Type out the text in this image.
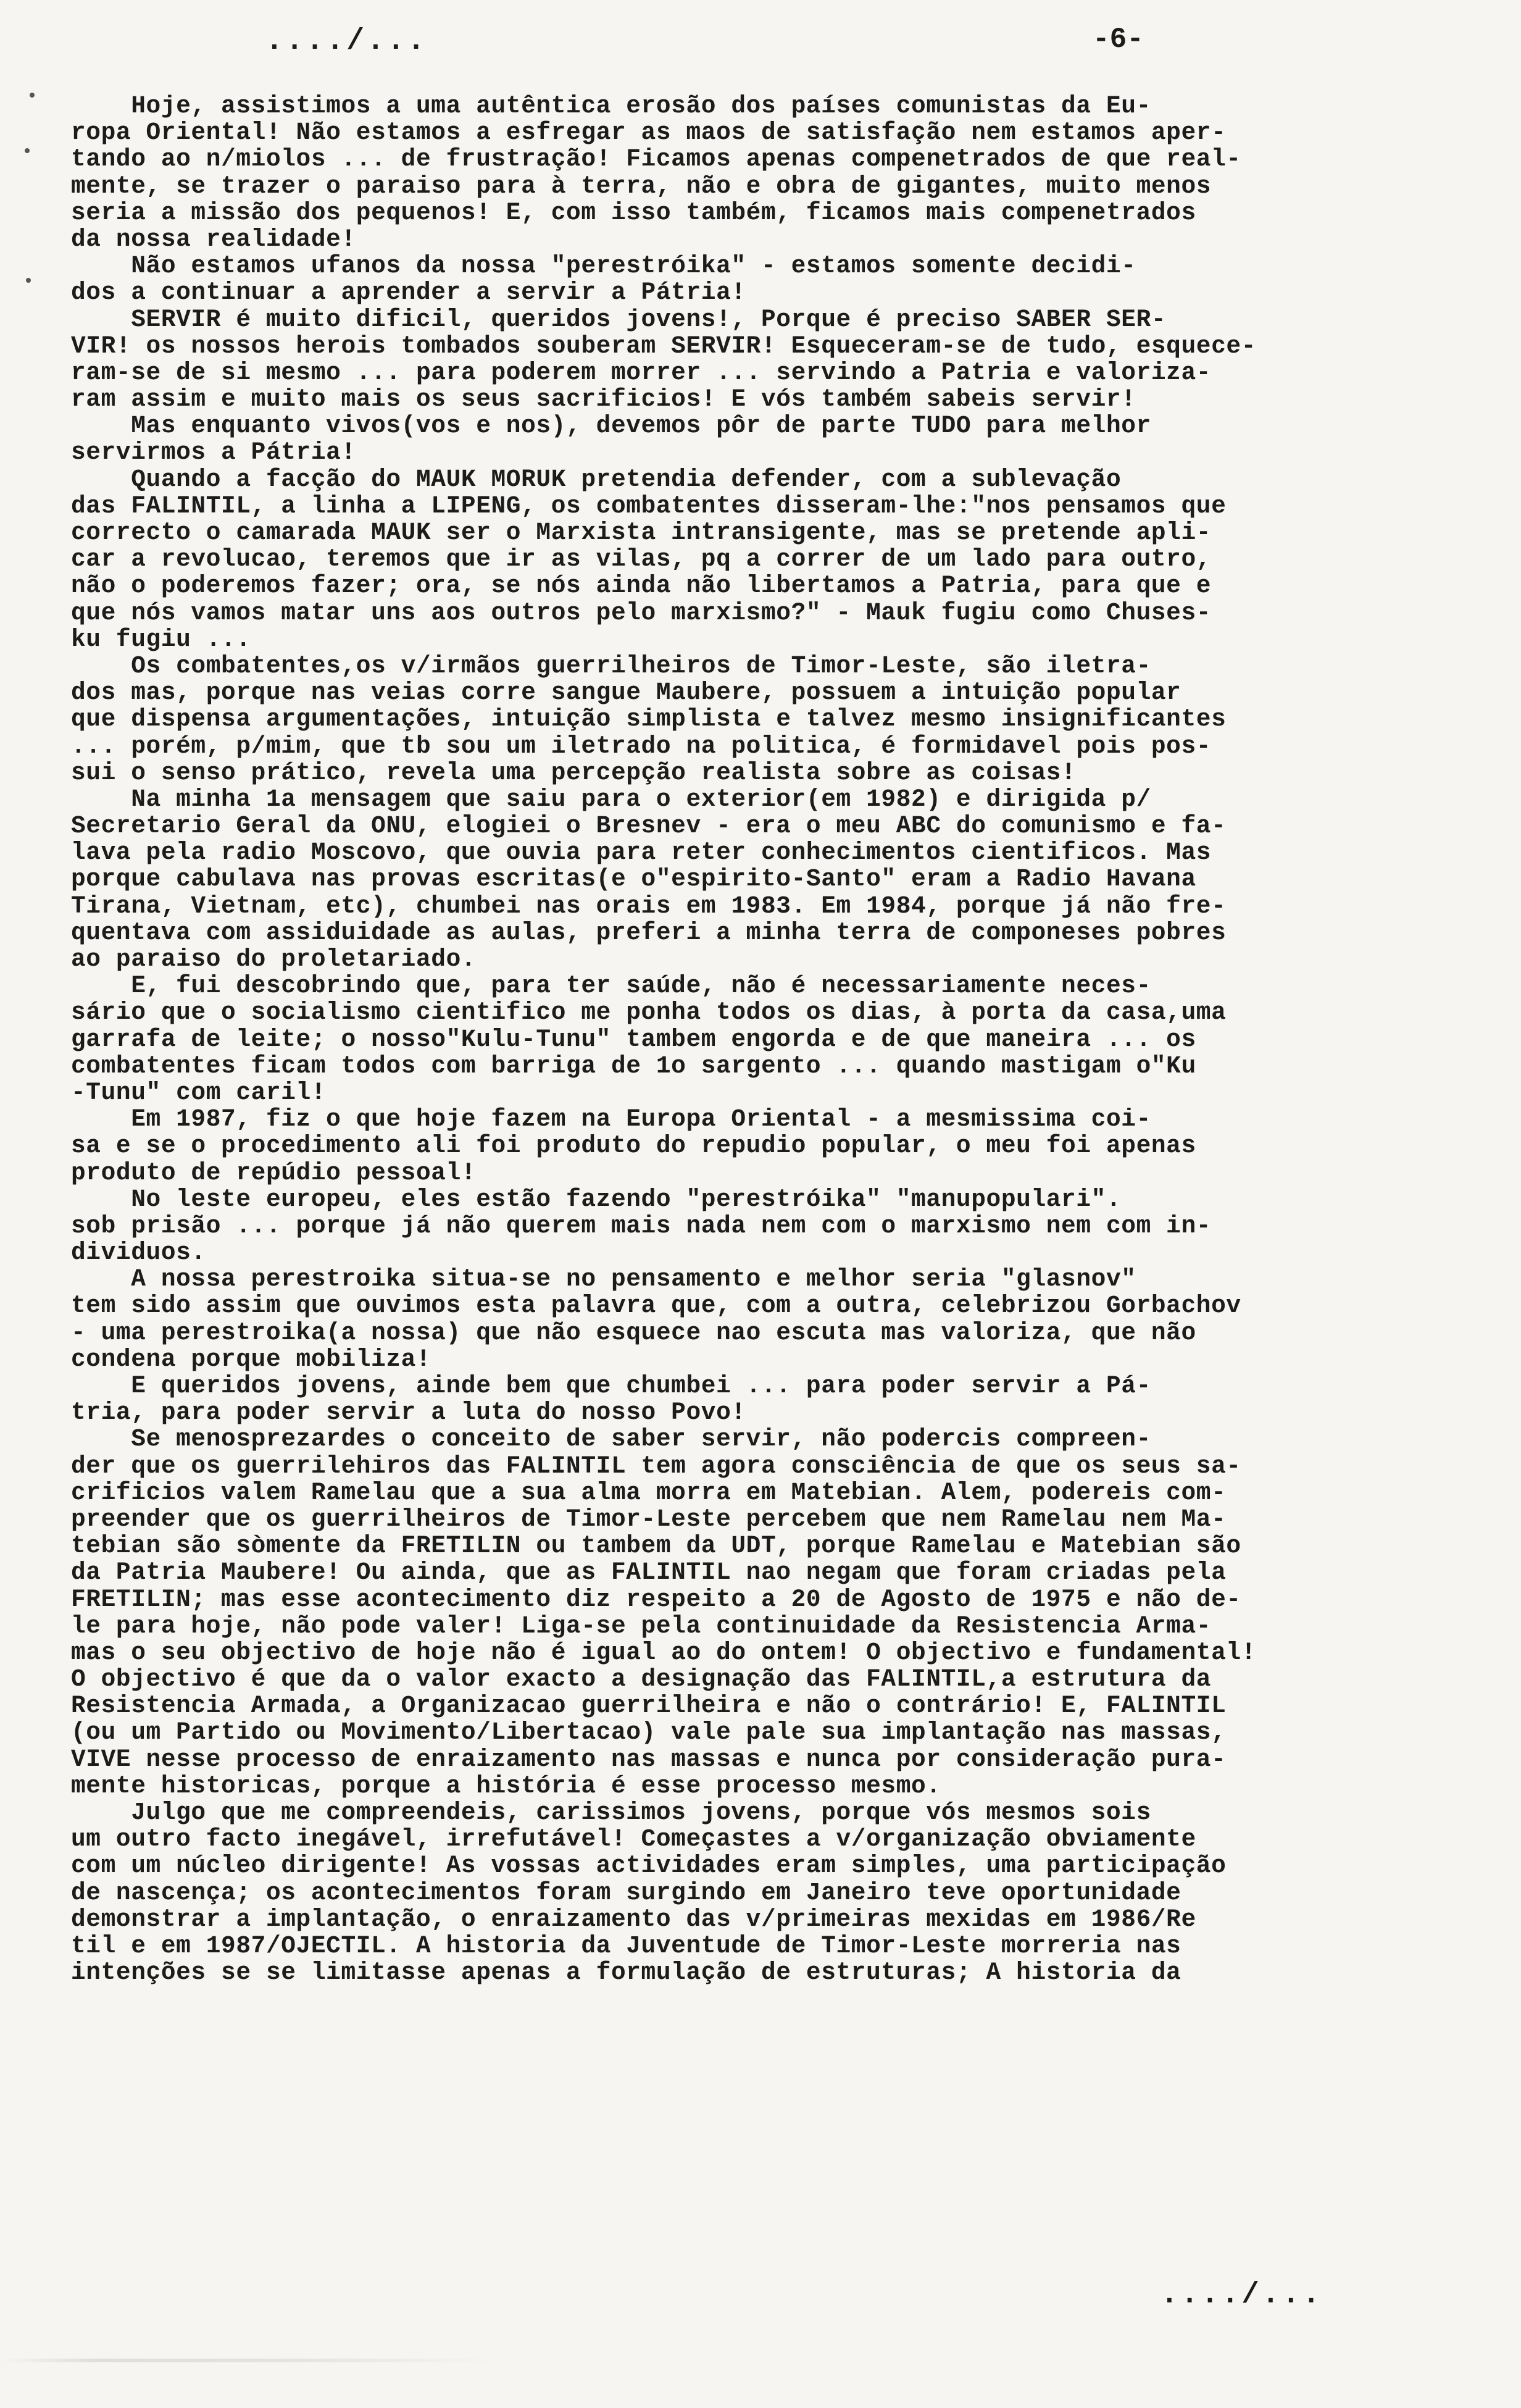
..../...	-6-
Hoje, assistimos a uma autêntica erosão dos países comunistas da Eu-
ropa Oriental! Não estamos a esfregar as maos de satisfação nem estamos aper-
tando ao n/miolos ... de frustração! Ficamos apenas compenetrados de que real-
mente, se trazer o paraiso para à terra, não e obra de gigantes, muito menos
seria a missão dos pequenos! E, com isso também, ficamos mais compenetrados
da nossa realidade!
Não estamos ufanos da nossa "perestróika" - estamos somente decidi-
dos a continuar a aprender a servir a Pátria!
SERVIR é muito dificil, queridos jovens!, Porque é preciso SABER SER-
VIR! os nossos herois tombados souberam SERVIR! Esqueceram-se de tudo, esquece-
ram-se de si mesmo ... para poderem morrer ... servindo a Patria e valoriza-
ram assim e muito mais os seus sacrificios! E vós também sabeis servir!
Mas enquanto vivos(vos e nos), devemos pôr de parte TUDO para melhor
servirmos a Pátria!
Quando a facção do MAUK MORUK pretendia defender, com a sublevação
das FALINTIL, a linha a LIPENG, os combatentes disseram-lhe:"nos pensamos que
correcto o camarada MAUK ser o Marxista intransigente, mas se pretende apli-
car a revolucao, teremos que ir as vilas, pq a correr de um lado para outro,
não o poderemos fazer; ora, se nós ainda não libertamos a Patria, para que e
que nós vamos matar uns aos outros pelo marxismo?" - Mauk fugiu como Chuses-
ku fugiu ...
Os combatentes,os v/irmãos guerrilheiros de Timor-Leste, são iletra-
dos mas, porque nas veias corre sangue Maubere, possuem a intuição popular
que dispensa argumentações, intuição simplista e talvez mesmo insignificantes
... porém, p/mim, que tb sou um iletrado na politica, é formidavel pois pos-
sui o senso prático, revela uma percepção realista sobre as coisas!
Na minha 1a mensagem que saiu para o exterior(em 1982) e dirigida p/
Secretario Geral da ONU, elogiei o Bresnev - era o meu ABC do comunismo e fa-
lava pela radio Moscovo, que ouvia para reter conhecimentos cientificos. Mas
porque cabulava nas provas escritas(e o"espirito-Santo" eram a Radio Havana
Tirana, Vietnam, etc), chumbei nas orais em 1983. Em 1984, porque já não fre-
quentava com assiduidade as aulas, preferi a minha terra de componeses pobres
ao paraiso do proletariado.
E, fui descobrindo que, para ter saúde, não é necessariamente neces-
sário que o socialismo cientifico me ponha todos os dias, à porta da casa,uma
garrafa de leite; o nosso"Kulu-Tunu" tambem engorda e de que maneira ... os
combatentes ficam todos com barriga de 1o sargento ... quando mastigam o"Ku
-Tunu" com caril!
Em 1987, fiz o que hoje fazem na Europa Oriental - a mesmissima coi-
sa e se o procedimento ali foi produto do repudio popular, o meu foi apenas
produto de repúdio pessoal!
No leste europeu, eles estão fazendo "perestróika" "manupopulari".
sob prisão ... porque já não querem mais nada nem com o marxismo nem com in-
dividuos.
A nossa perestroika situa-se no pensamento e melhor seria "glasnov"
tem sido assim que ouvimos esta palavra que, com a outra, celebrizou Gorbachov
- uma perestroika(a nossa) que não esquece nao escuta mas valoriza, que não
condena porque mobiliza!
E queridos jovens, ainde bem que chumbei ... para poder servir a Pá-
tria, para poder servir a luta do nosso Povo!
Se menosprezardes o conceito de saber servir, não podercis compreen-
der que os guerrilehiros das FALINTIL tem agora consciência de que os seus sa-
crificios valem Ramelau que a sua alma morra em Matebian. Alem, podereis com-
preender que os guerrilheiros de Timor-Leste percebem que nem Ramelau nem Ma-
tebian são sòmente da FRETILIN ou tambem da UDT, porque Ramelau e Matebian são
da Patria Maubere! Ou ainda, que as FALINTIL nao negam que foram criadas pela
FRETILIN; mas esse acontecimento diz respeito a 20 de Agosto de 1975 e não de-
le para hoje, não pode valer! Liga-se pela continuidade da Resistencia Arma-
mas o seu objectivo de hoje não é igual ao do ontem! O objectivo e fundamental!
O objectivo é que da o valor exacto a designação das FALINTIL,a estrutura da
Resistencia Armada, a Organizacao guerrilheira e não o contrário! E, FALINTIL
(ou um Partido ou Movimento/Libertacao) vale pale sua implantação nas massas,
VIVE nesse processo de enraizamento nas massas e nunca por consideração pura-
mente historicas, porque a história é esse processo mesmo.
Julgo que me compreendeis, carissimos jovens, porque vós mesmos sois
um outro facto inegável, irrefutável! Começastes a v/organização obviamente
com um núcleo dirigente! As vossas actividades eram simples, uma participação
de nascença; os acontecimentos foram surgindo em Janeiro teve oportunidade
demonstrar a implantação, o enraizamento das v/primeiras mexidas em 1986/Re
til e em 1987/OJECTIL. A historia da Juventude de Timor-Leste morreria nas
intenções se se limitasse apenas a formulação de estruturas; A historia da
..../...
